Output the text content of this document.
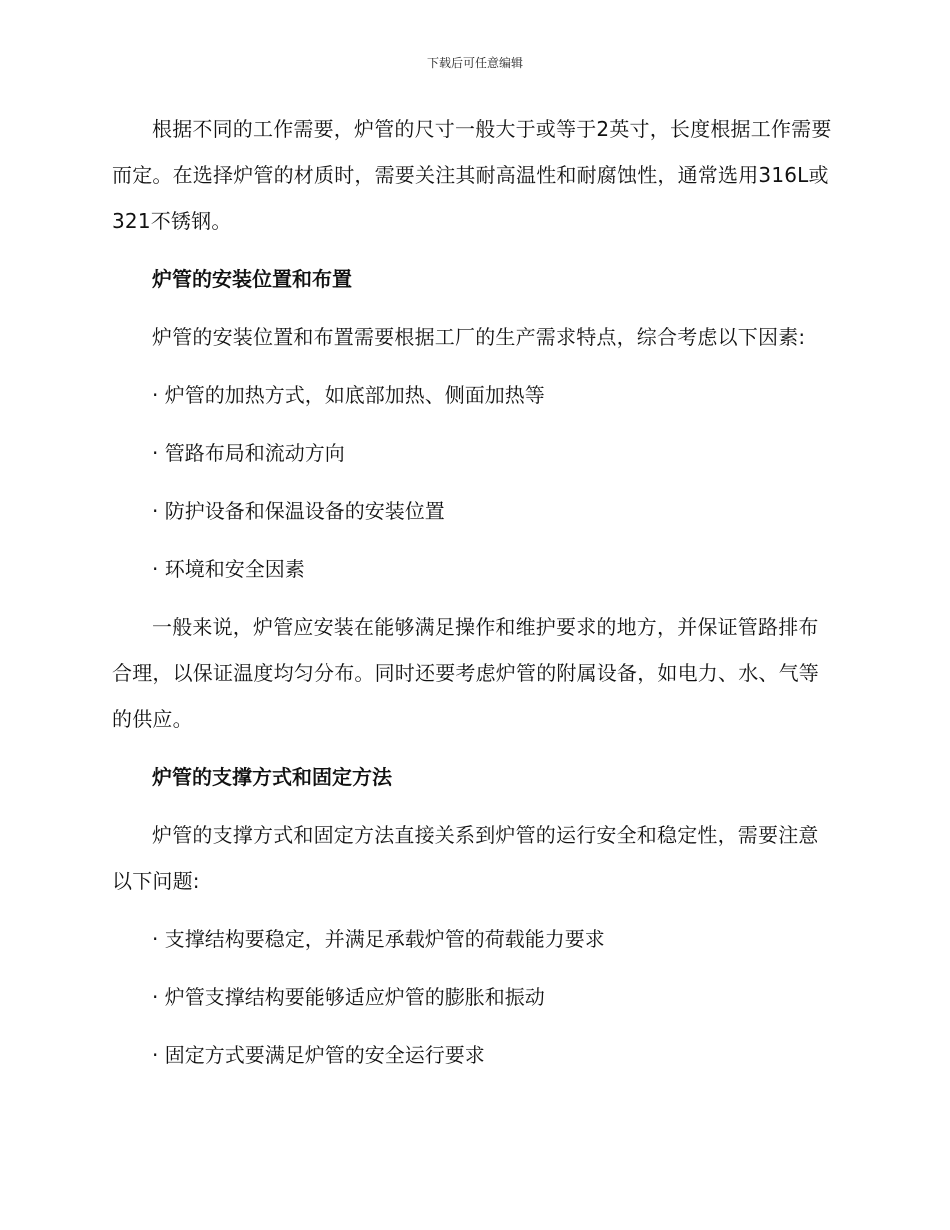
下载后可任意编辑

根据不同的工作需要，炉管的尺寸一般大于或等于2英寸，长度根据工作需要而定。在选择炉管的材质时，需要关注其耐高温性和耐腐蚀性，通常选用316L或321不锈钢。

炉管的安装位置和布置

炉管的安装位置和布置需要根据工厂的生产需求特点，综合考虑以下因素:

· 炉管的加热方式，如底部加热、侧面加热等
· 管路布局和流动方向
· 防护设备和保温设备的安装位置
· 环境和安全因素

一般来说，炉管应安装在能够满足操作和维护要求的地方，并保证管路排布合理，以保证温度均匀分布。同时还要考虑炉管的附属设备，如电力、水、气等的供应。

炉管的支撑方式和固定方法

炉管的支撑方式和固定方法直接关系到炉管的运行安全和稳定性，需要注意以下问题:

· 支撑结构要稳定，并满足承载炉管的荷载能力要求
· 炉管支撑结构要能够适应炉管的膨胀和振动
· 固定方式要满足炉管的安全运行要求
